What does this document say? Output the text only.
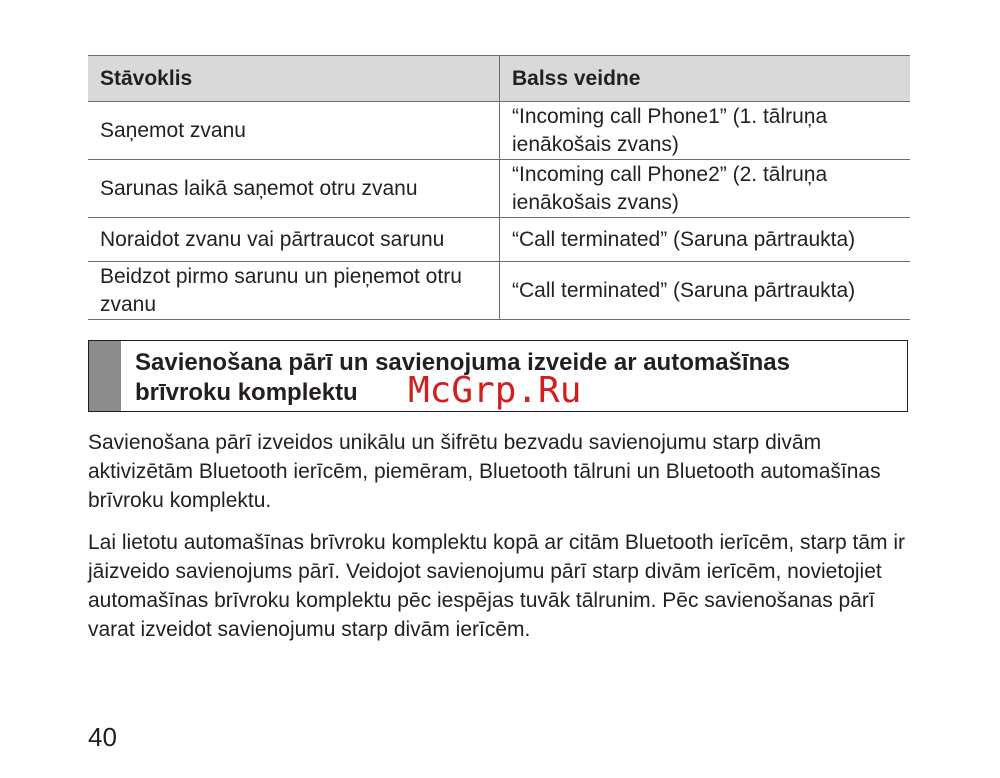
Stāvoklis	Balss veidne
Saņemot zvanu	“Incoming call Phone1” (1. tālruņa ienākošais zvans)
Sarunas laikā saņemot otru zvanu	“Incoming call Phone2” (2. tālruņa ienākošais zvans)
Noraidot zvanu vai pārtraucot sarunu	“Call terminated” (Saruna pārtraukta)
Beidzot pirmo sarunu un pieņemot otru zvanu	“Call terminated” (Saruna pārtraukta)
Savienošana pārī un savienojuma izveide ar automašīnas brīvroku komplektu	McGrp.Ru

Savienošana pārī izveidos unikālu un šifrētu bezvadu savienojumu starp divām aktivizētām Bluetooth ierīcēm, piemēram, Bluetooth tālruni un Bluetooth automašīnas brīvroku komplektu.

Lai lietotu automašīnas brīvroku komplektu kopā ar citām Bluetooth ierīcēm, starp tām ir jāizveido savienojums pārī. Veidojot savienojumu pārī starp divām ierīcēm, novietojiet automašīnas brīvroku komplektu pēc iespējas tuvāk tālrunim. Pēc savienošanas pārī varat izveidot savienojumu starp divām ierīcēm.

40
